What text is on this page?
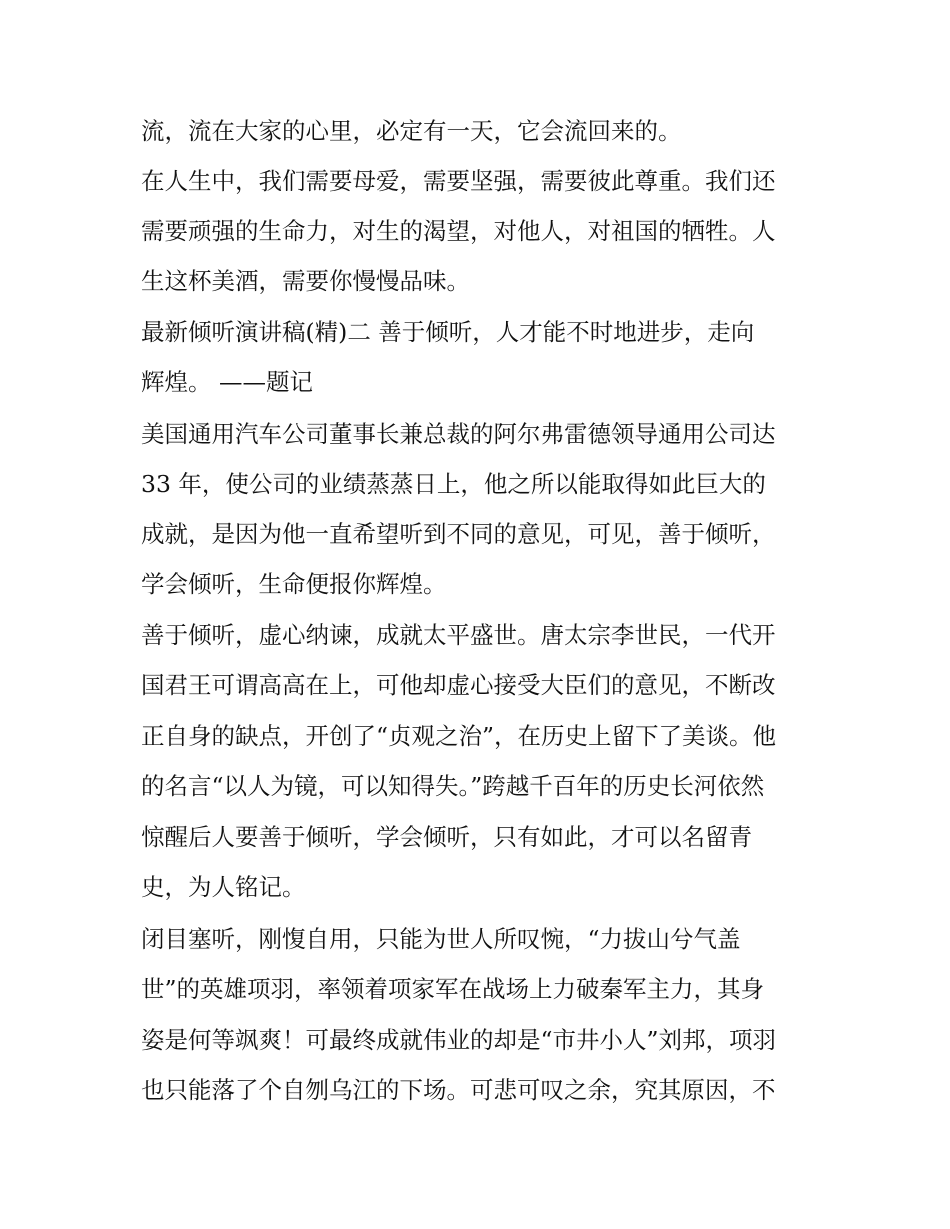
流，流在大家的心里，必定有一天，它会流回来的。

在人生中，我们需要母爱，需要坚强，需要彼此尊重。我们还

需要顽强的生命力，对生的渴望，对他人，对祖国的牺牲。人

生这杯美酒，需要你慢慢品味。

最新倾听演讲稿(精)二 善于倾听，人才能不时地进步，走向

辉煌。 ——题记

美国通用汽车公司董事长兼总裁的阿尔弗雷德领导通用公司达

33 年，使公司的业绩蒸蒸日上，他之所以能取得如此巨大的

成就，是因为他一直希望听到不同的意见，可见，善于倾听，

学会倾听，生命便报你辉煌。

善于倾听，虚心纳谏，成就太平盛世。唐太宗李世民，一代开

国君王可谓高高在上，可他却虚心接受大臣们的意见，不断改

正自身的缺点，开创了“贞观之治”，在历史上留下了美谈。他

的名言“以人为镜，可以知得失。”跨越千百年的历史长河依然

惊醒后人要善于倾听，学会倾听，只有如此，才可以名留青

史，为人铭记。

闭目塞听，刚愎自用，只能为世人所叹惋，“力拔山兮气盖

世”的英雄项羽，率领着项家军在战场上力破秦军主力，其身

姿是何等飒爽！可最终成就伟业的却是“市井小人”刘邦，项羽

也只能落了个自刎乌江的下场。可悲可叹之余，究其原因，不
